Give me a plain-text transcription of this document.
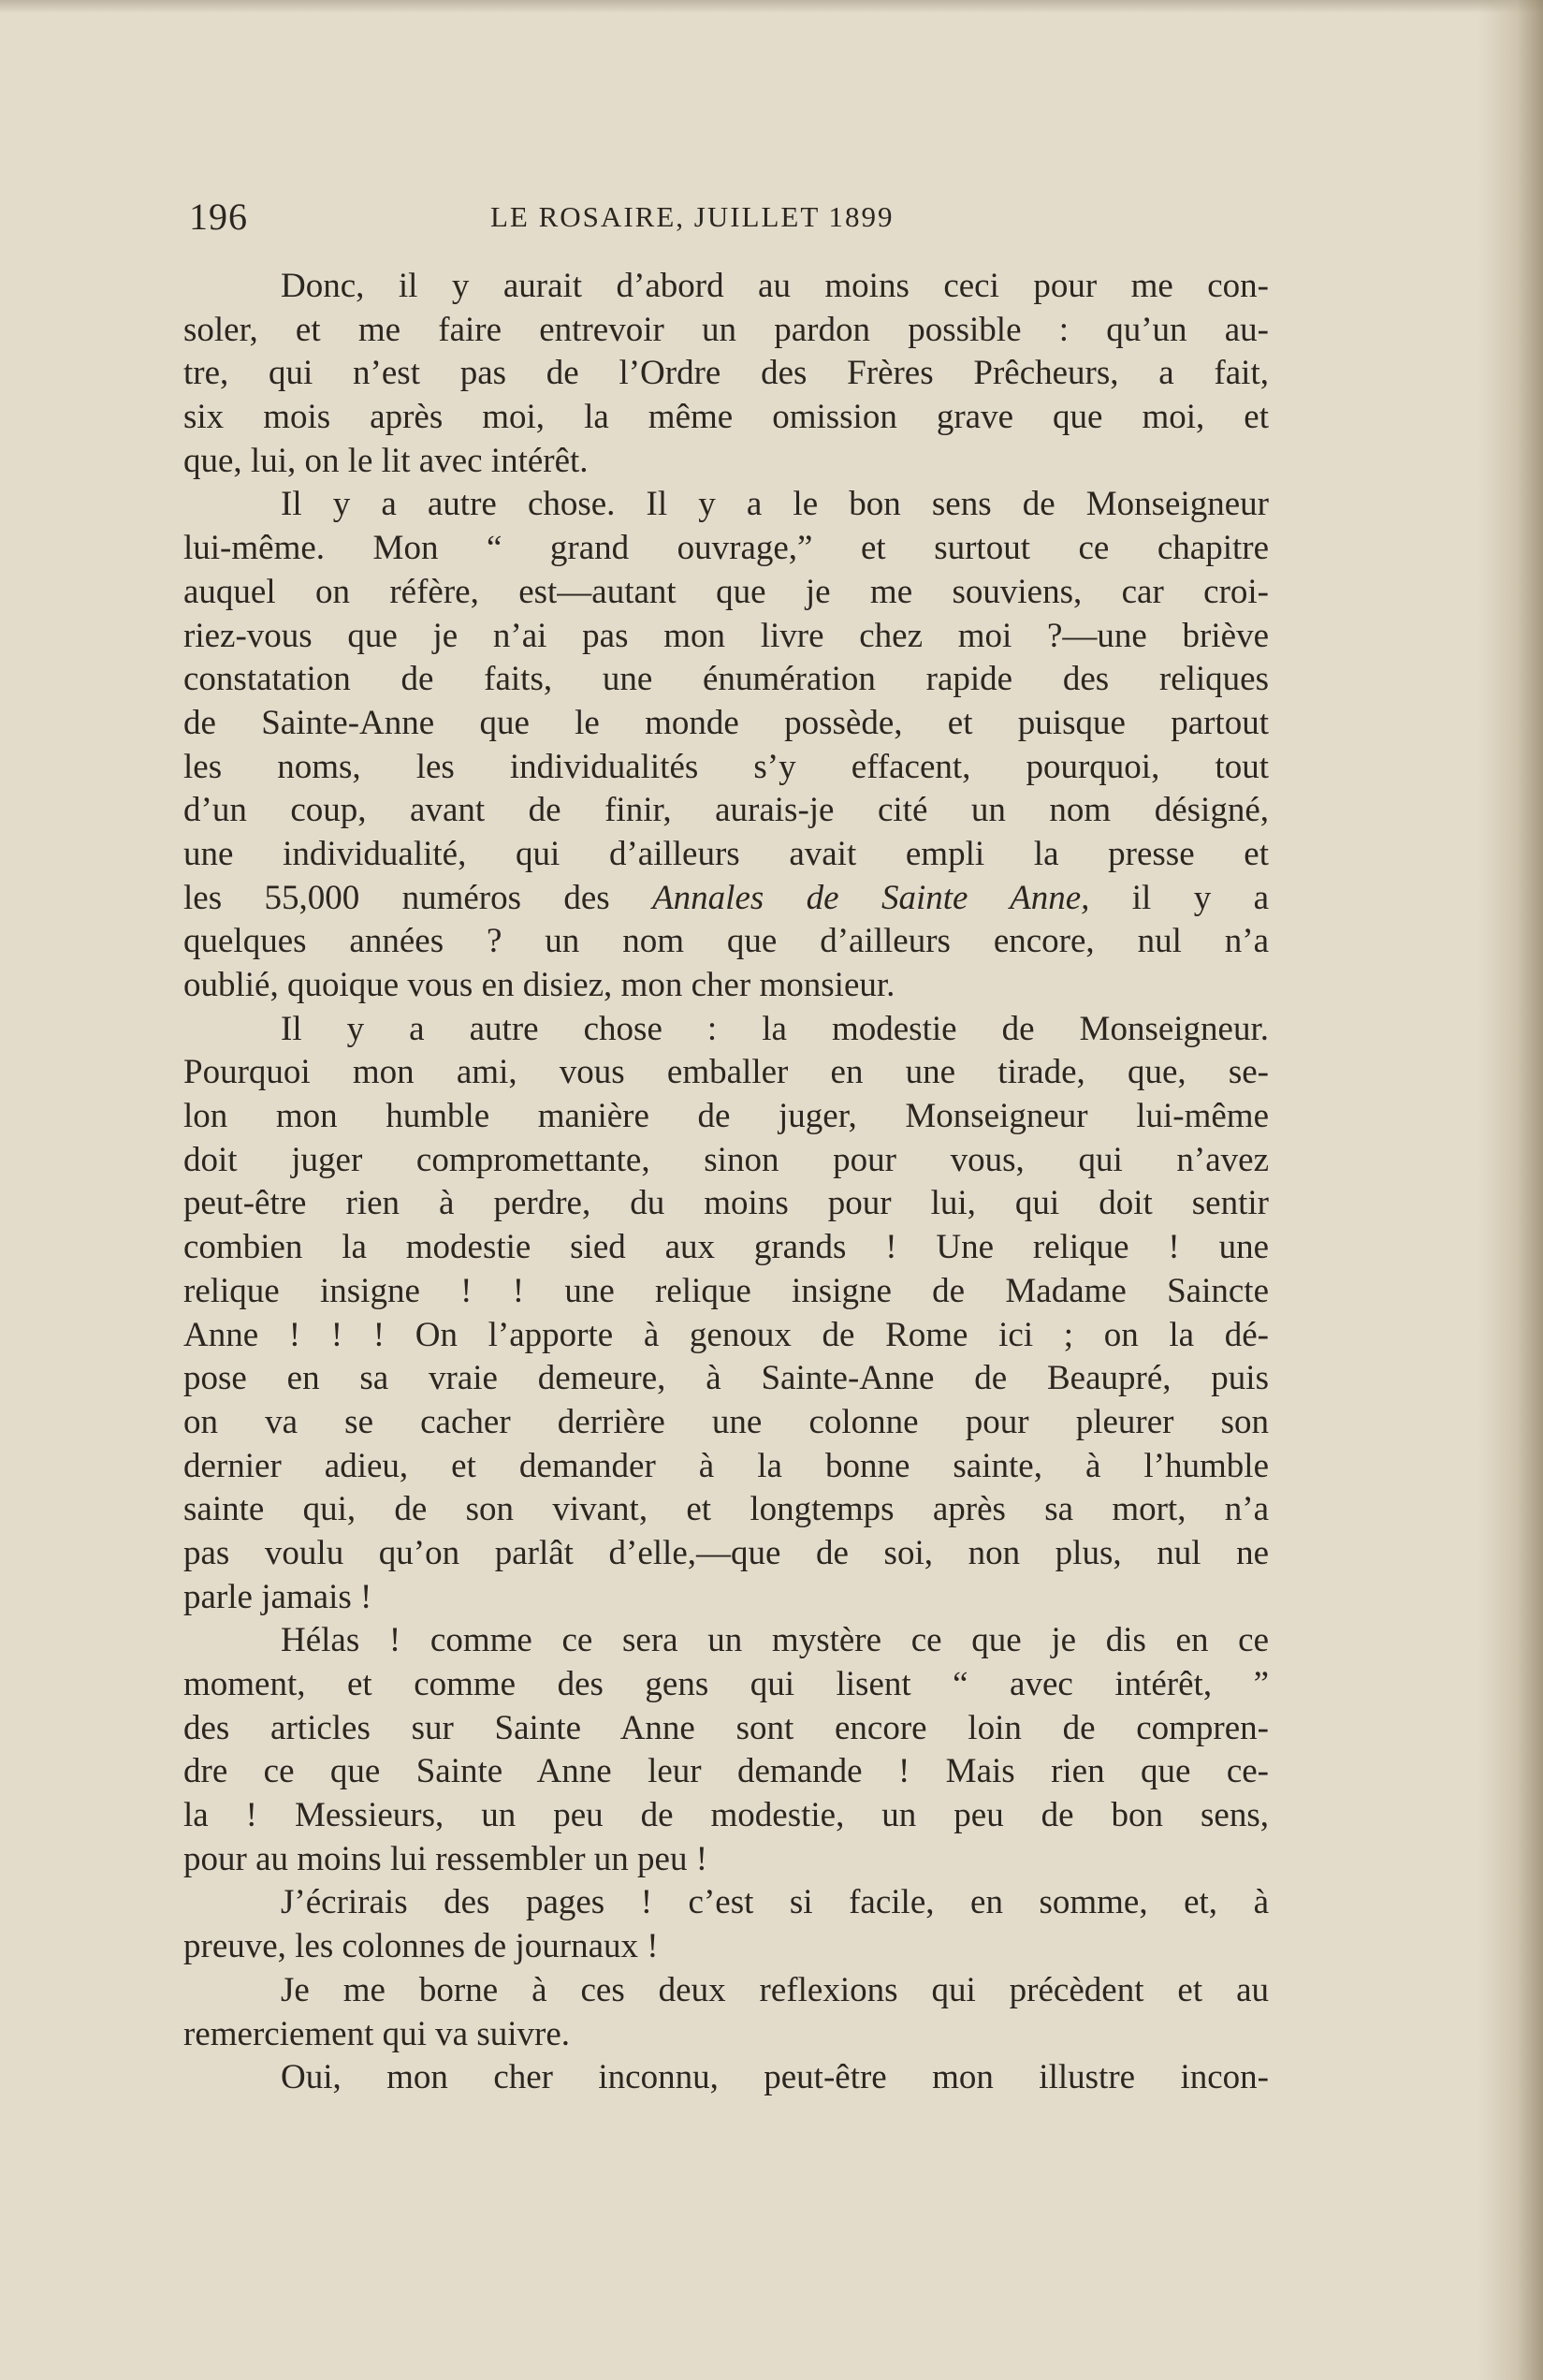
196	LE ROSAIRE, JUILLET 1899
Donc, il y aurait d’abord au moins ceci pour me con-
soler, et me faire entrevoir un pardon possible : qu’un au-
tre, qui n’est pas de l’Ordre des Frères Prêcheurs, a fait,
six mois après moi, la même omission grave que moi, et
que, lui, on le lit avec intérêt.
Il y a autre chose. Il y a le bon sens de Monseigneur
lui-même. Mon “ grand ouvrage,” et surtout ce chapitre
auquel on réfère, est—autant que je me souviens, car croi-
riez-vous que je n’ai pas mon livre chez moi ?—une briève
constatation de faits, une énumération rapide des reliques
de Sainte-Anne que le monde possède, et puisque partout
les noms, les individualités s’y effacent, pourquoi, tout
d’un coup, avant de finir, aurais-je cité un nom désigné,
une individualité, qui d’ailleurs avait empli la presse et
les 55,000 numéros des Annales de Sainte Anne, il y a
quelques années ? un nom que d’ailleurs encore, nul n’a
oublié, quoique vous en disiez, mon cher monsieur.
Il y a autre chose : la modestie de Monseigneur.
Pourquoi mon ami, vous emballer en une tirade, que, se-
lon mon humble manière de juger, Monseigneur lui-même
doit juger compromettante, sinon pour vous, qui n’avez
peut-être rien à perdre, du moins pour lui, qui doit sentir
combien la modestie sied aux grands ! Une relique ! une
relique insigne ! ! une relique insigne de Madame Saincte
Anne ! ! ! On l’apporte à genoux de Rome ici ; on la dé-
pose en sa vraie demeure, à Sainte-Anne de Beaupré, puis
on va se cacher derrière une colonne pour pleurer son
dernier adieu, et demander à la bonne sainte, à l’humble
sainte qui, de son vivant, et longtemps après sa mort, n’a
pas voulu qu’on parlât d’elle,—que de soi, non plus, nul ne
parle jamais !
Hélas ! comme ce sera un mystère ce que je dis en ce
moment, et comme des gens qui lisent “ avec intérêt, ”
des articles sur Sainte Anne sont encore loin de compren-
dre ce que Sainte Anne leur demande ! Mais rien que ce-
la ! Messieurs, un peu de modestie, un peu de bon sens,
pour au moins lui ressembler un peu !
J’écrirais des pages ! c’est si facile, en somme, et, à
preuve, les colonnes de journaux !
Je me borne à ces deux reflexions qui précèdent et au
remerciement qui va suivre.
Oui, mon cher inconnu, peut-être mon illustre incon-
